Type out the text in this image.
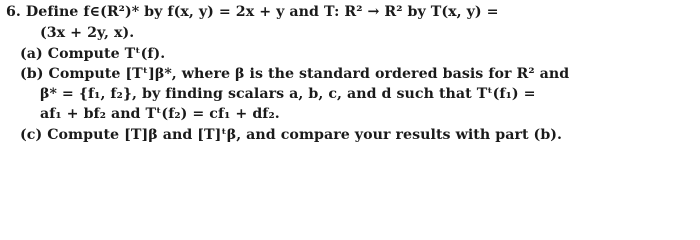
6. Define f∈(R²)* by f(x, y) = 2x + y and T: R² → R² by T(x, y) =
(3x + 2y, x).
(a) Compute Tᵗ(f).
(b) Compute [Tᵗ]β*, where β is the standard ordered basis for R² and
β* = {f₁, f₂}, by finding scalars a, b, c, and d such that Tᵗ(f₁) =
af₁ + bf₂ and Tᵗ(f₂) = cf₁ + df₂.
(c) Compute [T]β and [T]ᵗβ, and compare your results with part (b).
